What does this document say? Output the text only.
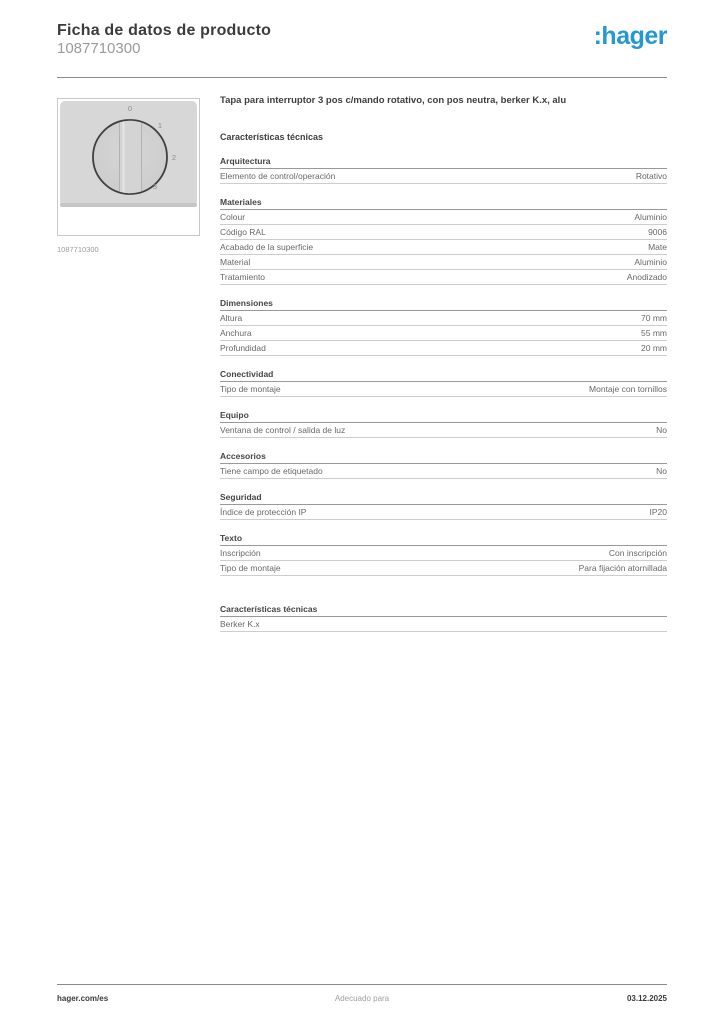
Ficha de datos de producto
1087710300	:hager
0
1
2
3
1087710300
Tapa para interruptor 3 pos c/mando rotativo, con pos neutra, berker K.x, alu
Características técnicas
Arquitectura
Elemento de control/operación	Rotativo
Materiales
Colour	Aluminio
Código RAL	9006
Acabado de la superficie	Mate
Material	Aluminio
Tratamiento	Anodizado
Dimensiones
Altura	70 mm
Anchura	55 mm
Profundidad	20 mm
Conectividad
Tipo de montaje	Montaje con tornillos
Equipo
Ventana de control / salida de luz	No
Accesorios
Tiene campo de etiquetado	No
Seguridad
Índice de protección IP	IP20
Texto
Inscripción	Con inscripción
Tipo de montaje	Para fijación atornillada
Características técnicas
Berker K.x
hager.com/es	Adecuado para	03.12.2025
